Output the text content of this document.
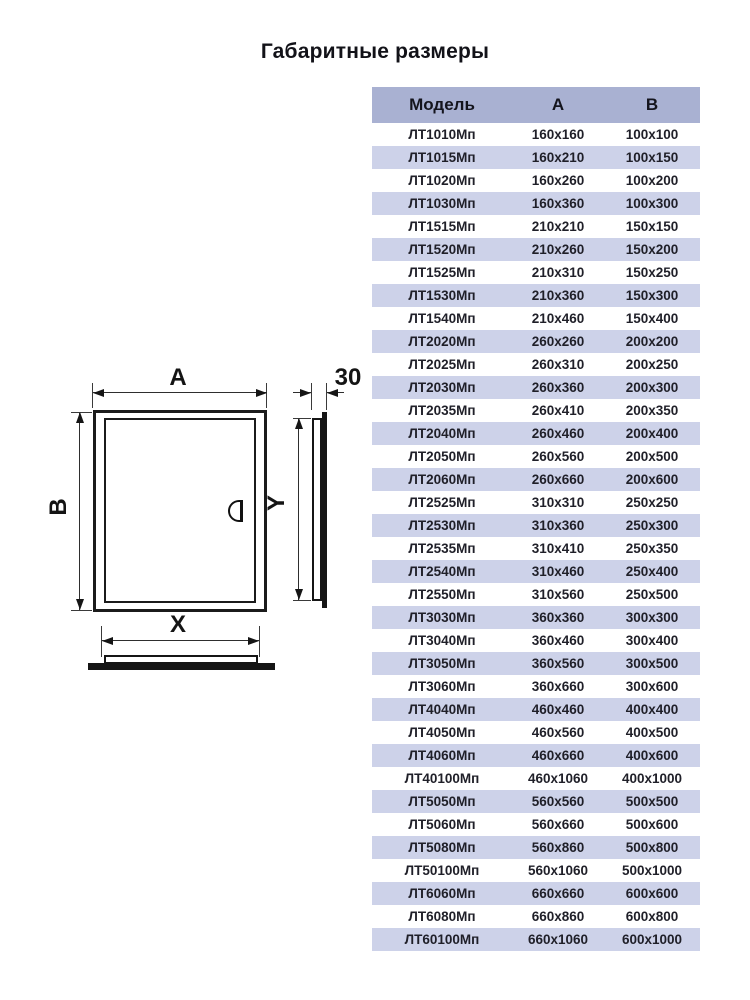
Габаритные размеры
А	30
В	Y
X
Модель	А	В
ЛТ1010Мп	160x160	100x100
ЛТ1015Мп	160x210	100x150
ЛТ1020Мп	160x260	100x200
ЛТ1030Мп	160x360	100x300
ЛТ1515Мп	210x210	150x150
ЛТ1520Мп	210x260	150x200
ЛТ1525Мп	210x310	150x250
ЛТ1530Мп	210x360	150x300
ЛТ1540Мп	210x460	150x400
ЛТ2020Мп	260x260	200x200
ЛТ2025Мп	260x310	200x250
ЛТ2030Мп	260x360	200x300
ЛТ2035Мп	260x410	200x350
ЛТ2040Мп	260x460	200x400
ЛТ2050Мп	260x560	200x500
ЛТ2060Мп	260x660	200x600
ЛТ2525Мп	310x310	250x250
ЛТ2530Мп	310x360	250x300
ЛТ2535Мп	310x410	250x350
ЛТ2540Мп	310x460	250x400
ЛТ2550Мп	310x560	250x500
ЛТ3030Мп	360x360	300x300
ЛТ3040Мп	360x460	300x400
ЛТ3050Мп	360x560	300x500
ЛТ3060Мп	360x660	300x600
ЛТ4040Мп	460x460	400x400
ЛТ4050Мп	460x560	400x500
ЛТ4060Мп	460x660	400x600
ЛТ40100Мп	460x1060	400x1000
ЛТ5050Мп	560x560	500x500
ЛТ5060Мп	560x660	500x600
ЛТ5080Мп	560x860	500x800
ЛТ50100Мп	560x1060	500x1000
ЛТ6060Мп	660x660	600x600
ЛТ6080Мп	660x860	600x800
ЛТ60100Мп	660x1060	600x1000
